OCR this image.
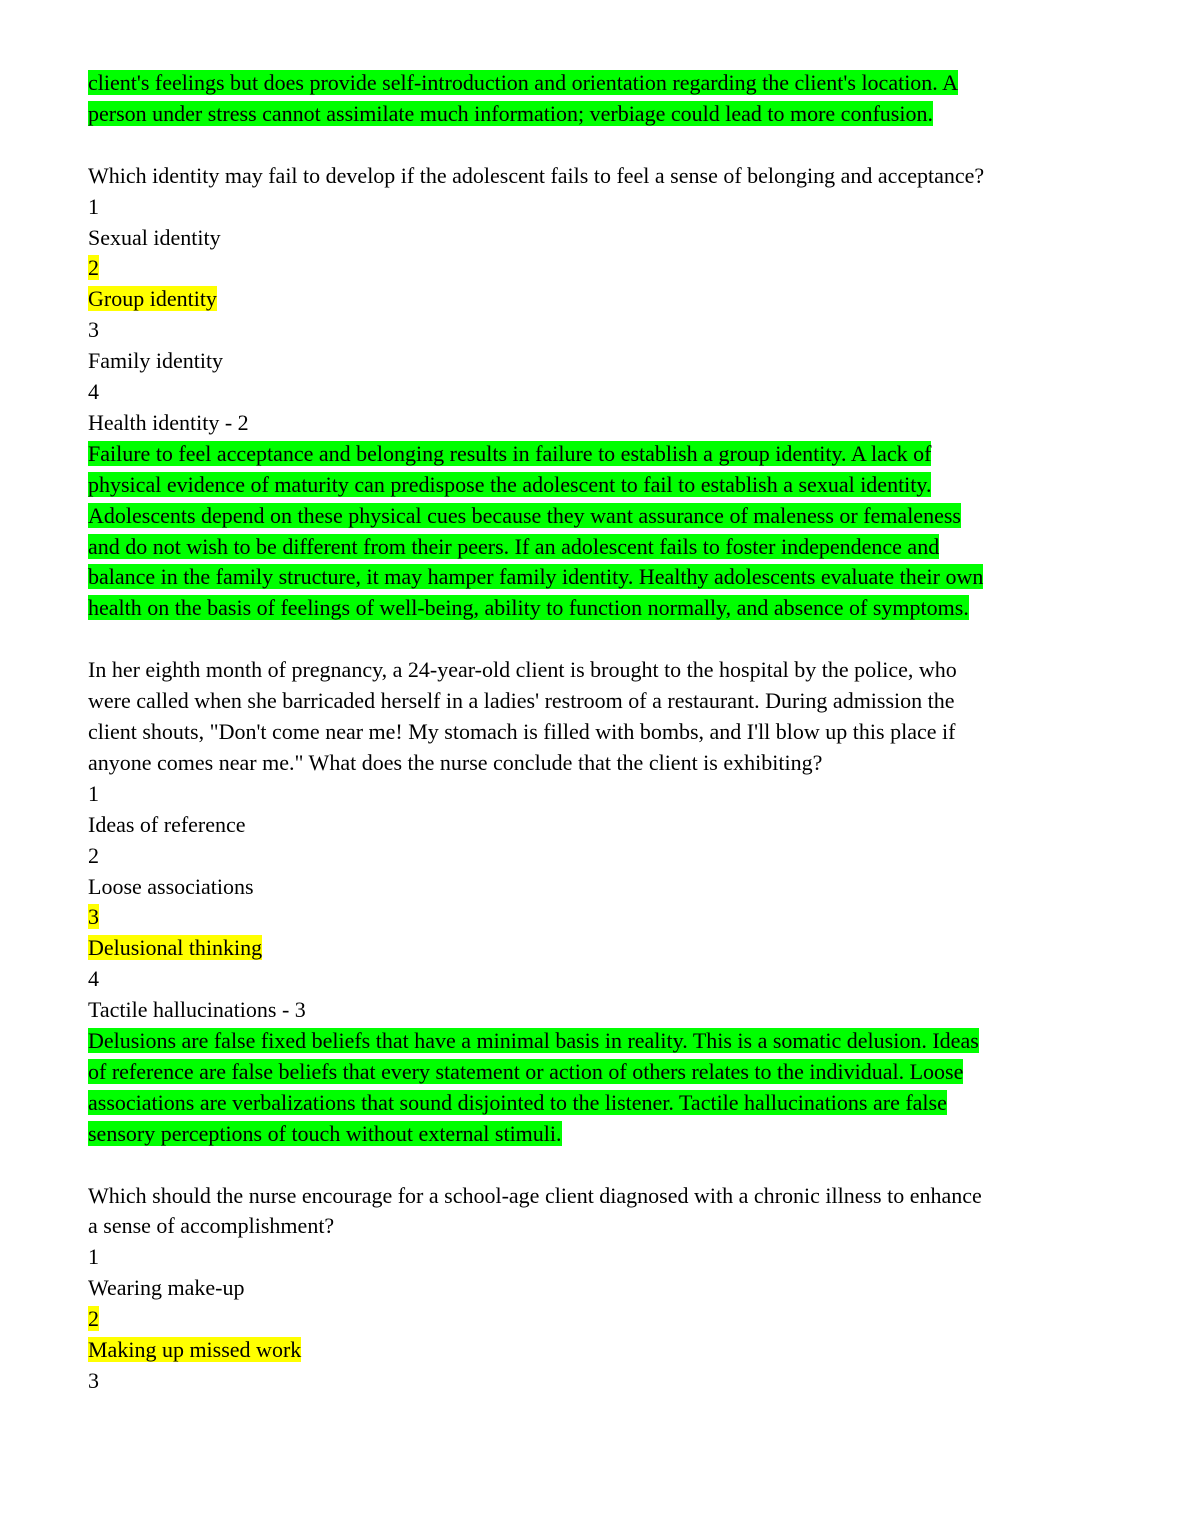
client's feelings but does provide self-introduction and orientation regarding the client's location. A
person under stress cannot assimilate much information; verbiage could lead to more confusion.
Which identity may fail to develop if the adolescent fails to feel a sense of belonging and acceptance?
1
Sexual identity
2
Group identity
3
Family identity
4
Health identity - 2
Failure to feel acceptance and belonging results in failure to establish a group identity. A lack of
physical evidence of maturity can predispose the adolescent to fail to establish a sexual identity.
Adolescents depend on these physical cues because they want assurance of maleness or femaleness
and do not wish to be different from their peers. If an adolescent fails to foster independence and
balance in the family structure, it may hamper family identity. Healthy adolescents evaluate their own
health on the basis of feelings of well-being, ability to function normally, and absence of symptoms.
In her eighth month of pregnancy, a 24-year-old client is brought to the hospital by the police, who
were called when she barricaded herself in a ladies' restroom of a restaurant. During admission the
client shouts, "Don't come near me! My stomach is filled with bombs, and I'll blow up this place if
anyone comes near me." What does the nurse conclude that the client is exhibiting?
1
Ideas of reference
2
Loose associations
3
Delusional thinking
4
Tactile hallucinations - 3
Delusions are false fixed beliefs that have a minimal basis in reality. This is a somatic delusion. Ideas
of reference are false beliefs that every statement or action of others relates to the individual. Loose
associations are verbalizations that sound disjointed to the listener. Tactile hallucinations are false
sensory perceptions of touch without external stimuli.
Which should the nurse encourage for a school-age client diagnosed with a chronic illness to enhance
a sense of accomplishment?
1
Wearing make-up
2
Making up missed work
3
